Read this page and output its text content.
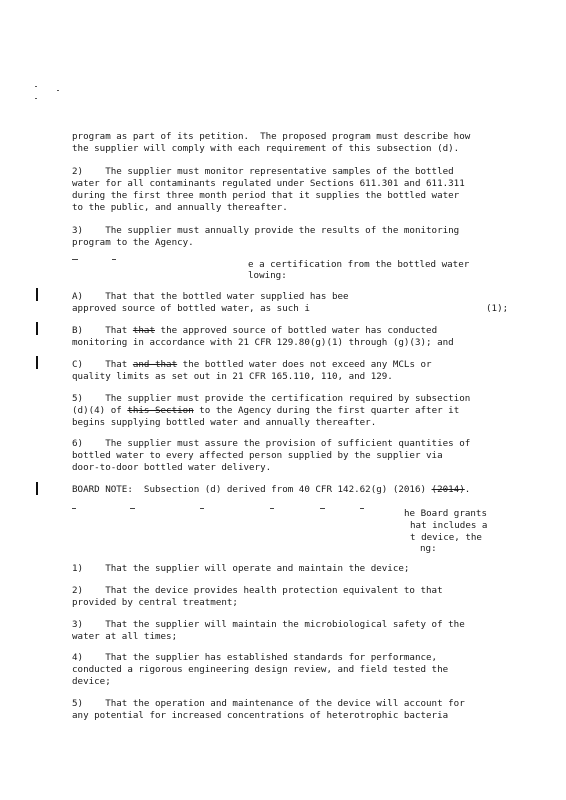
program as part of its petition.  The proposed program must describe how
the supplier will comply with each requirement of this subsection (d).
2)    The supplier must monitor representative samples of the bottled
water for all contaminants regulated under Sections 611.301 and 611.311
during the first three month period that it supplies the bottled water
to the public, and annually thereafter.
3)    The supplier must annually provide the results of the monitoring
program to the Agency.
e a certification from the bottled water
lowing:
A)    That that the bottled water supplied has bee
approved source of bottled water, as such i	(1);
B)    That that the approved source of bottled water has conducted
monitoring in accordance with 21 CFR 129.80(g)(1) through (g)(3); and
C)    That and that the bottled water does not exceed any MCLs or
quality limits as set out in 21 CFR 165.110, 110, and 129.
5)    The supplier must provide the certification required by subsection
(d)(4) of this Section to the Agency during the first quarter after it
begins supplying bottled water and annually thereafter.
6)    The supplier must assure the provision of sufficient quantities of
bottled water to every affected person supplied by the supplier via
door-to-door bottled water delivery.
BOARD NOTE:  Subsection (d) derived from 40 CFR 142.62(g) (2016) (2014).
he Board grants
hat includes a
t device, the
ng:
1)    That the supplier will operate and maintain the device;
2)    That the device provides health protection equivalent to that
provided by central treatment;
3)    That the supplier will maintain the microbiological safety of the
water at all times;
4)    That the supplier has established standards for performance,
conducted a rigorous engineering design review, and field tested the
device;
5)    That the operation and maintenance of the device will account for
any potential for increased concentrations of heterotrophic bacteria
